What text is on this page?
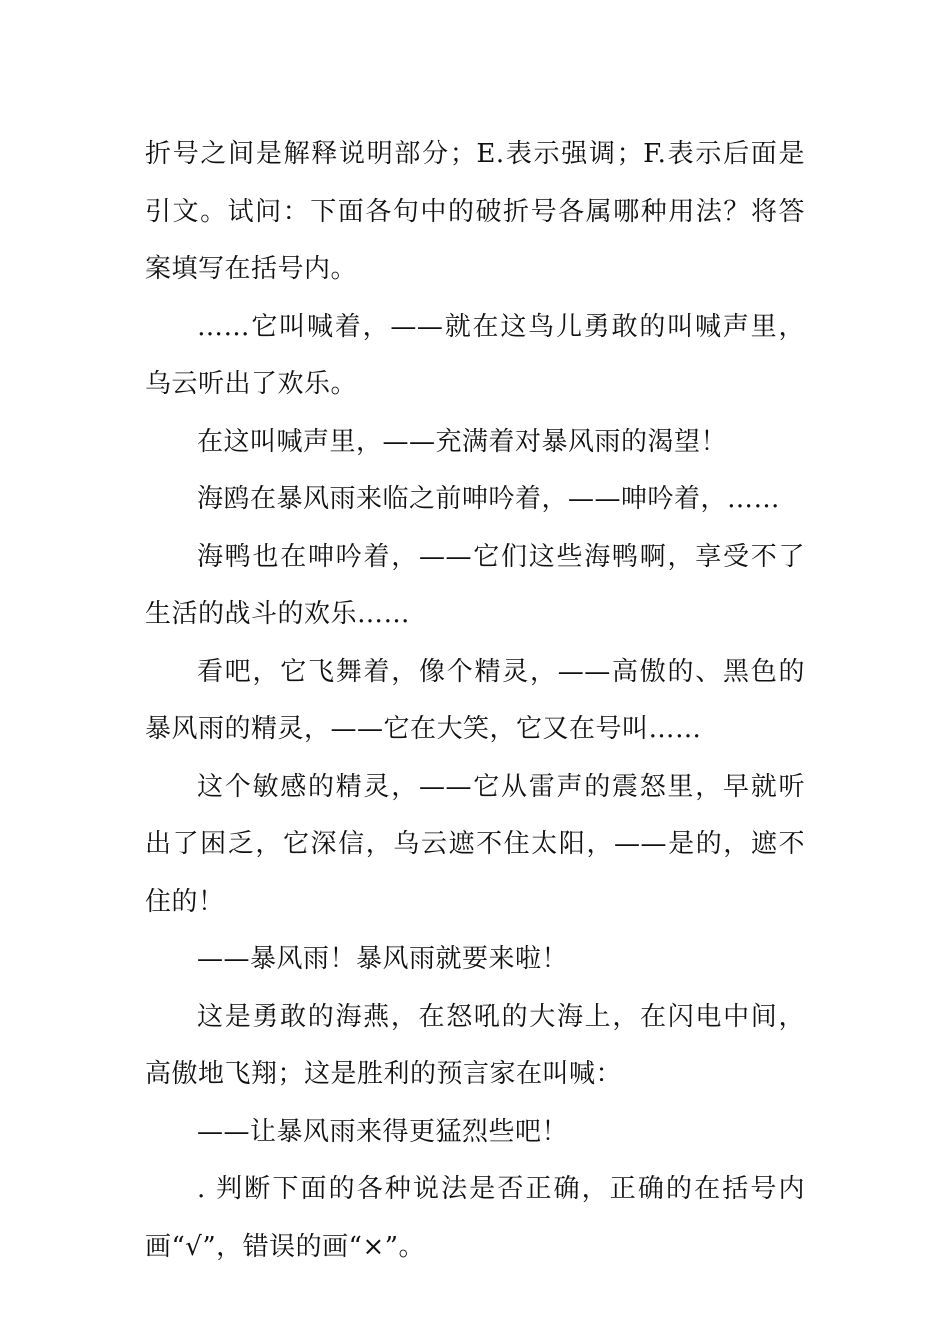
折号之间是解释说明部分；E.表示强调；F.表示后面是引文。试问：下面各句中的破折号各属哪种用法？将答案填写在括号内。

……它叫喊着，——就在这鸟儿勇敢的叫喊声里，乌云听出了欢乐。

在这叫喊声里，——充满着对暴风雨的渴望！

海鸥在暴风雨来临之前呻吟着，——呻吟着，……

海鸭也在呻吟着，——它们这些海鸭啊，享受不了生活的战斗的欢乐……

看吧，它飞舞着，像个精灵，——高傲的、黑色的暴风雨的精灵，——它在大笑，它又在号叫……

这个敏感的精灵，——它从雷声的震怒里，早就听出了困乏，它深信，乌云遮不住太阳，——是的，遮不住的！

——暴风雨！暴风雨就要来啦！

这是勇敢的海燕，在怒吼的大海上，在闪电中间，高傲地飞翔；这是胜利的预言家在叫喊：

——让暴风雨来得更猛烈些吧！

. 判断下面的各种说法是否正确，正确的在括号内画“√”，错误的画“×”。
